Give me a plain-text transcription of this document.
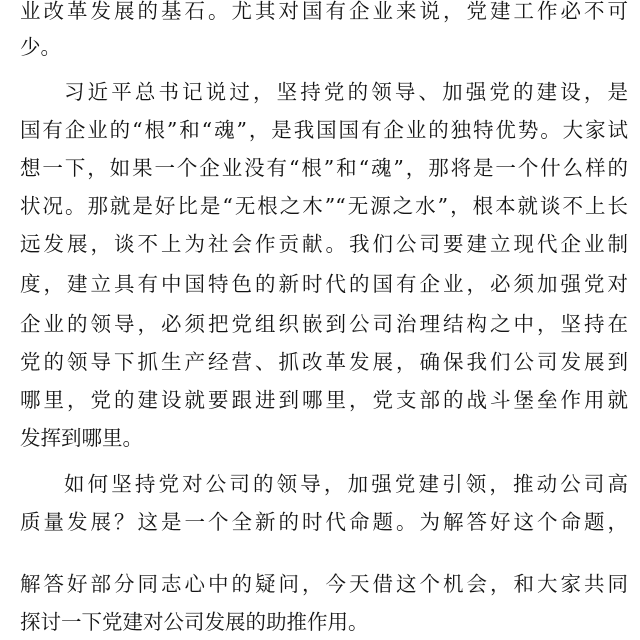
业改革发展的基石。尤其对国有企业来说，党建工作必不可
少。
习近平总书记说过，坚持党的领导、加强党的建设，是
国有企业的“根”和“魂”，是我国国有企业的独特优势。大家试
想一下，如果一个企业没有“根”和“魂”，那将是一个什么样的
状况。那就是好比是“无根之木”“无源之水”，根本就谈不上长
远发展，谈不上为社会作贡献。我们公司要建立现代企业制
度，建立具有中国特色的新时代的国有企业，必须加强党对
企业的领导，必须把党组织嵌到公司治理结构之中，坚持在
党的领导下抓生产经营、抓改革发展，确保我们公司发展到
哪里，党的建设就要跟进到哪里，党支部的战斗堡垒作用就
发挥到哪里。
如何坚持党对公司的领导，加强党建引领，推动公司高
质量发展？这是一个全新的时代命题。为解答好这个命题，
解答好部分同志心中的疑问，今天借这个机会，和大家共同
探讨一下党建对公司发展的助推作用。
